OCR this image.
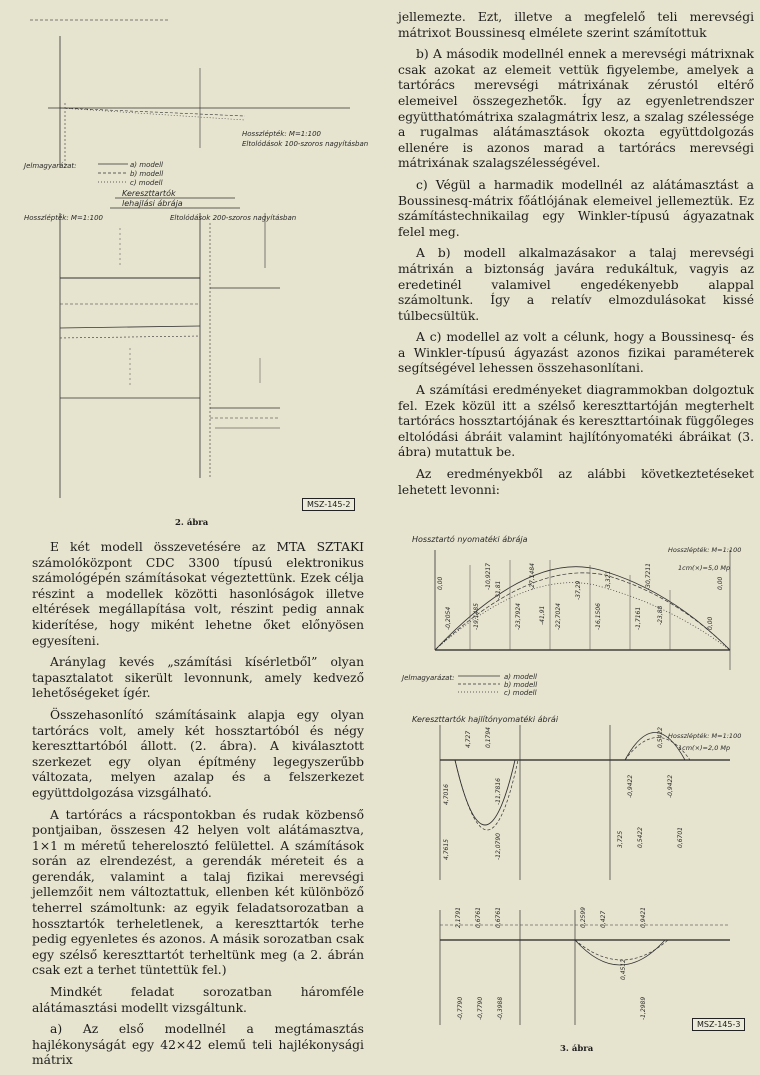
Hosszlépték: M=1:100
Eltolódások 100-szoros nagyításban
Jelmagyarázat:	a) modell
b) modell
c) modell
Kereszttartók
lehajlási ábrája
Hosszlépték: M=1:100	Eltolódások 200-szoros nagyításban
MSZ-145-2
2. ábra

E két modell összevetésére az MTA SZTAKI számolóközpont CDC 3300 típusú elektronikus számológépén számításokat végeztettünk. Ezek célja részint a modellek közötti hasonlóságok illetve eltérések megállapítása volt, részint pedig annak kiderítése, hogy miként lehetne őket előnyösen egyesíteni.

Aránylag kevés „számítási kísérletből” olyan tapasztalatot sikerült levonnunk, amely kedvező lehetőségeket ígér.

Összehasonlító számításaink alapja egy olyan tartórács volt, amely két hossztartóból és négy kereszttartóból állott. (2. ábra). A kiválasztott szerkezet egy olyan építmény legegyszerűbb változata, melyen azalap és a felszerkezet együttdolgozása vizsgálható.

A tartórács a rácspontokban és rudak közbenső pontjaiban, összesen 42 helyen volt alátámasztva, 1×1 m méretű teherelosztó felülettel. A számítások során az elrendezést, a gerendák méreteit és a gerendák, valamint a talaj fizikai merevségi jellemzőit nem változtattuk, ellenben két különböző teherrel számoltunk: az egyik feladatsorozatban a hossztartók terheletlenek, a kereszttartók terhe pedig egyenletes és azonos. A másik sorozatban csak egy szélső kereszttartót terheltünk meg (a 2. ábrán csak ezt a terhet tüntettük fel.)

Mindkét feladat sorozatban háromféle alátámasztási modellt vizsgáltunk.

a) Az első modellnél a megtámasztás hajlékonyságát egy 42×42 elemű teli hajlékonysági mátrix

jellemezte. Ezt, illetve a megfelelő teli merevségi mátrixot Boussinesq elmélete szerint számítottuk

b) A második modellnél ennek a merevségi mátrixnak csak azokat az elemeit vettük figyelembe, amelyek a tartórács merevségi mátrixának zérustól eltérő elemeivel összegezhetők. Így az egyenletrendszer együtthatómátrixa szalagmátrix lesz, a szalag szélessége a rugalmas alátámasztások okozta együttdolgozás ellenére is azonos marad a tartórács merevségi mátrixának szalagszélességével.

c) Végül a harmadik modellnél az alátámasztást a Boussinesq-mátrix főátlójának elemeivel jellemeztük. Ez számítástechnikailag egy Winkler-típusú ágyazatnak felel meg.

A b) modell alkalmazásakor a talaj merevségi mátrixán a biztonság javára redukáltuk, vagyis az eredetinél valamivel engedékenyebb alappal számoltunk. Így a relatív elmozdulásokat kissé túlbecsültük.

A c) modellel az volt a célunk, hogy a Boussinesq- és a Winkler-típusú ágyazást azonos fizikai paraméterek segítségével lehessen összehasonlítani.

A számítási eredményeket diagrammokban dolgoztuk fel. Ezek közül itt a szélső kereszttartóján megterhelt tartórács hossztartójának és kereszttartóinak függőleges eltolódási ábráit valamint hajlítónyomatéki ábráikat (3. ábra) mutattuk be.

Az eredményekből az alábbi következtetéseket lehetett levonni:

Hossztartó nyomatéki ábrája
Hosszlépték: M=1:100
1cm(×)=5,0 Mp
0,00
-0,2054	-19,1485
-10,9217
-23,7924
-27,1484
-22,7024	-16,1506
-3,321
-1,7161
0,00
-30,7211
-31,81
-41,91
-37,29
-23,88	0,00
Jelmagyarázat:	a) modell
b) modell
c) modell
Kereszttartók hajlítónyomatéki ábrái
Hosszlépték: M=1:100
1cm(×)=2,0 Mp
4,7016
4,7615
-11,7816
-12,0790
4,727
3,725
-0,9422
0,5422
0,5422
-0,9422
0,6701
0,1794
2,1791 0,6761
-0,7790 -0,7790
0,6761
-0,3988
0,2599 0,427
0,4512
0,9421
-1,2989
MSZ-145-3
3. ábra
